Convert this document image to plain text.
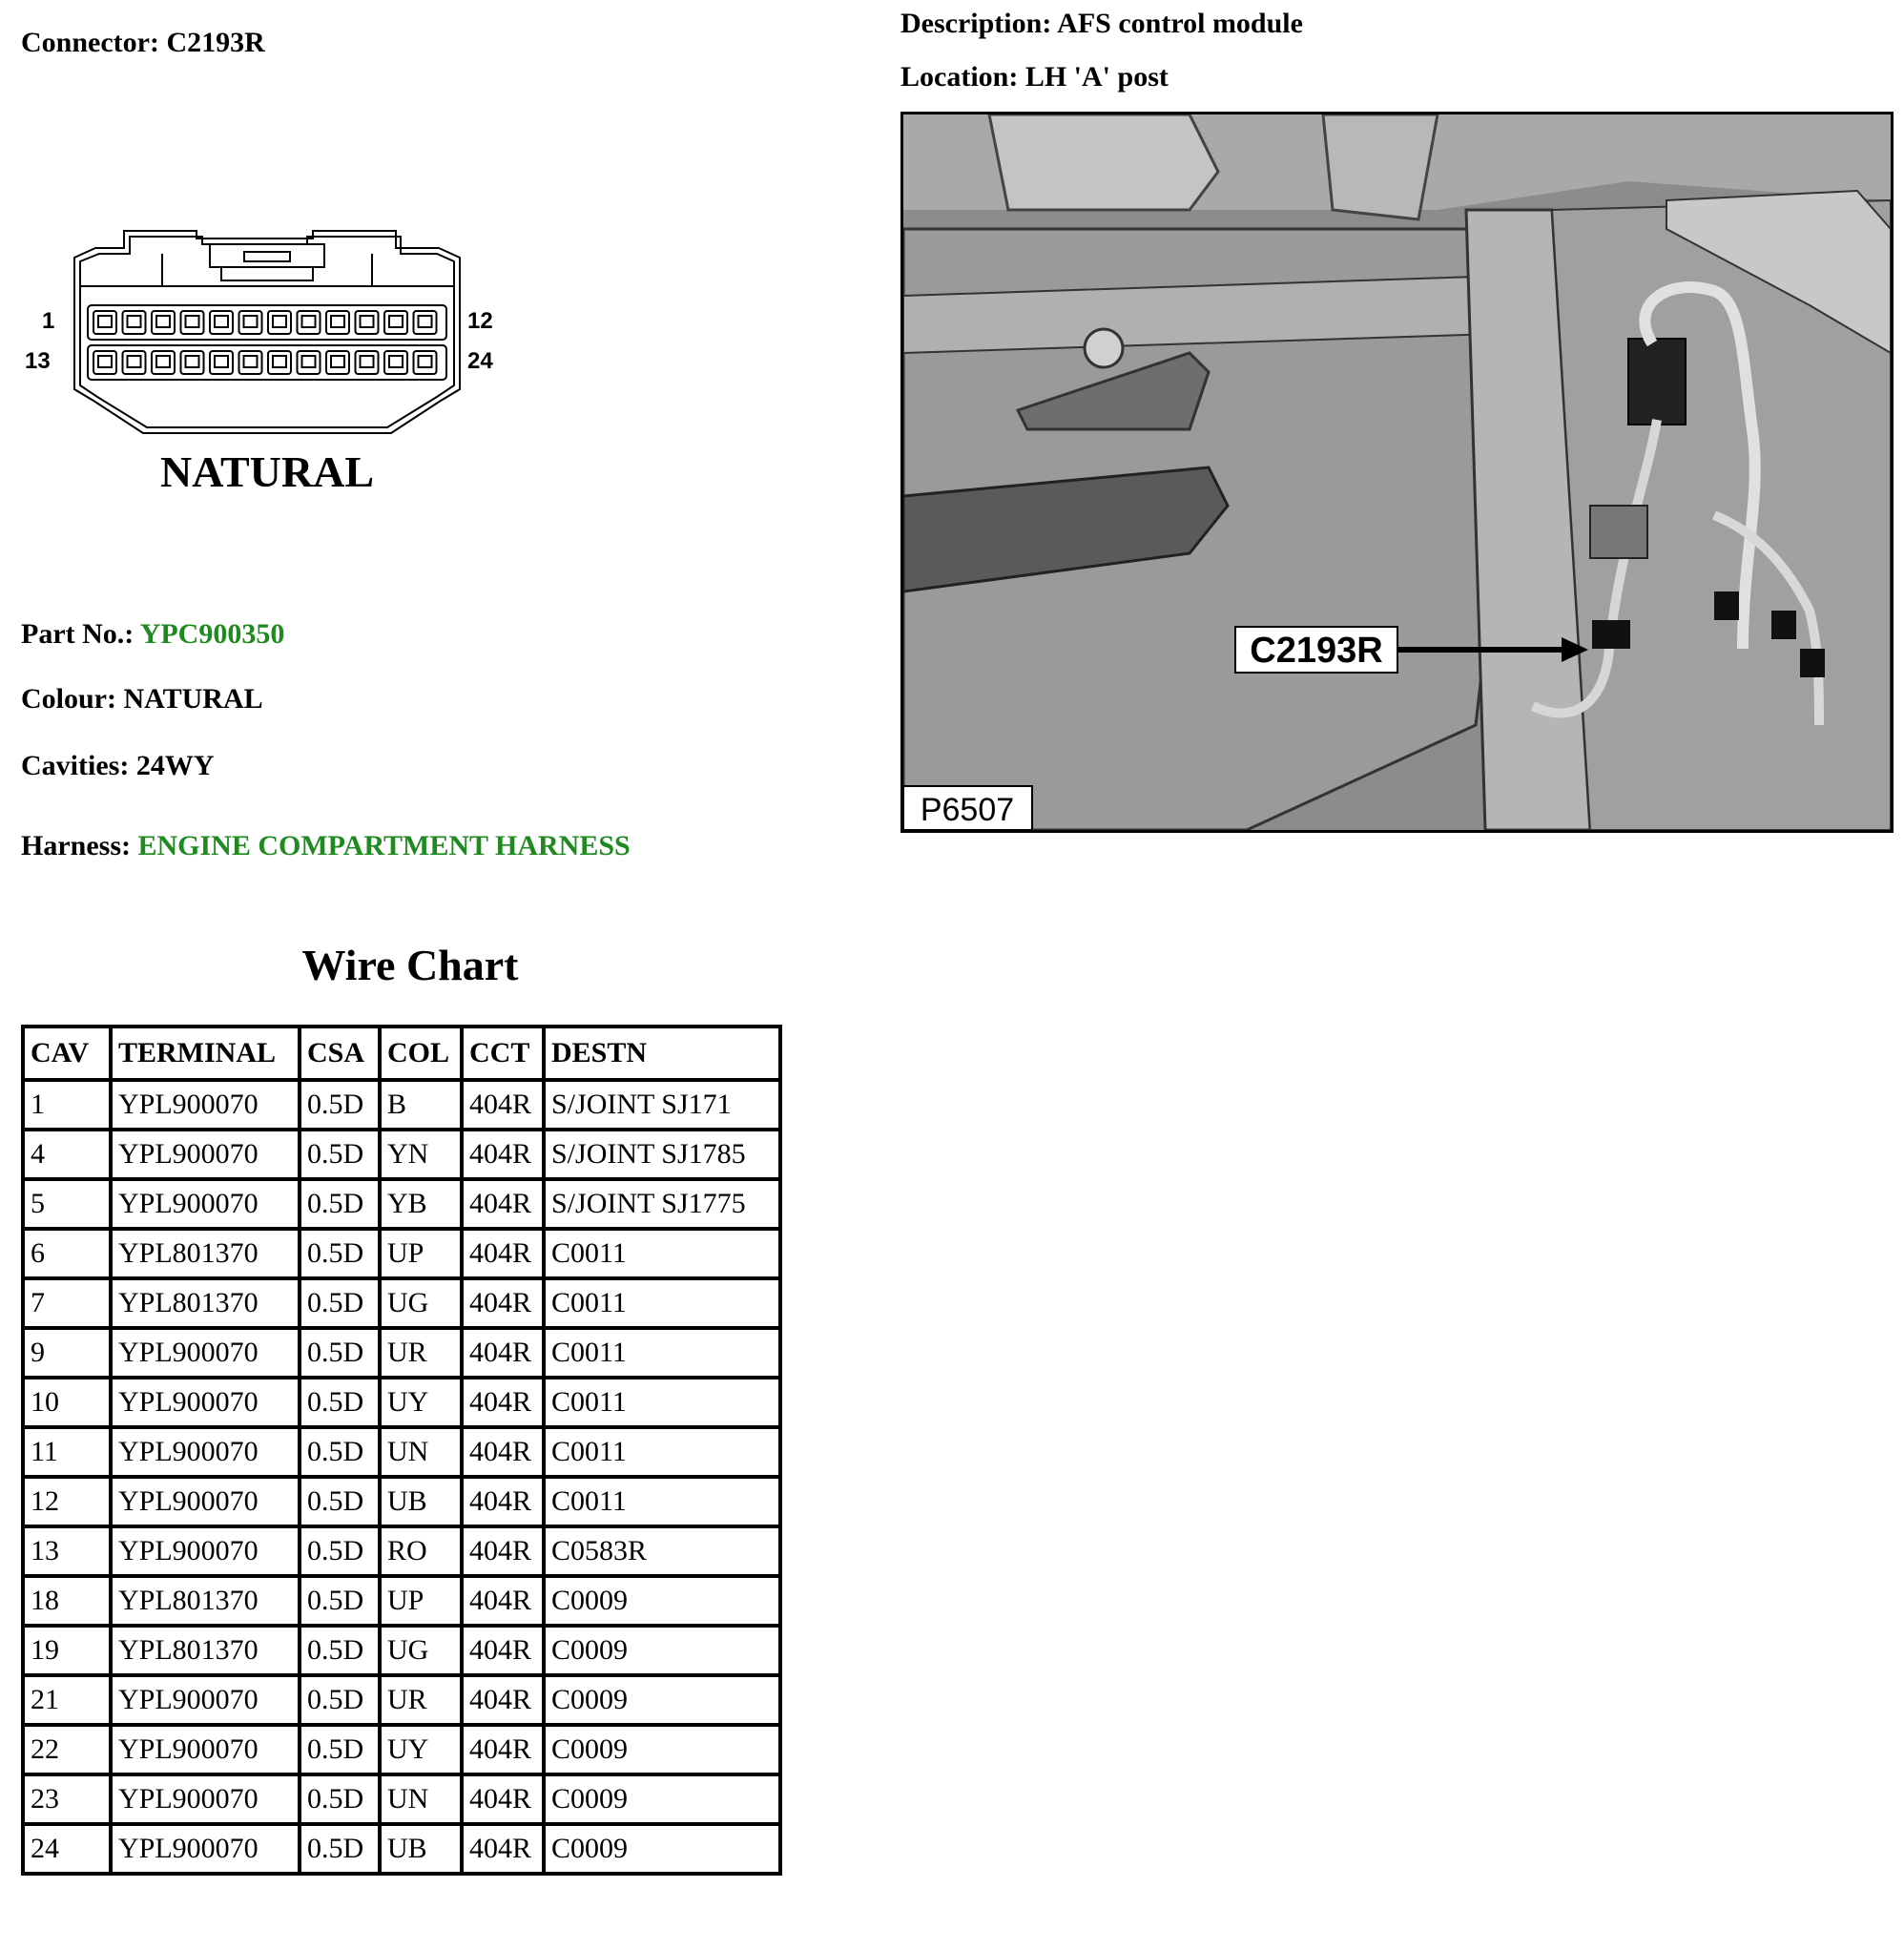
Connector: C2193R
Description: AFS control module
Location: LH 'A' post
1	12
13	24
NATURAL
C2193R
P6507
Part No.: YPC900350
Colour: NATURAL
Cavities: 24WY
Harness: ENGINE COMPARTMENT HARNESS
Wire Chart
CAV	TERMINAL	CSA	COL	CCT	DESTN
1	YPL900070	0.5D	B	404R	S/JOINT SJ171
4	YPL900070	0.5D	YN	404R	S/JOINT SJ1785
5	YPL900070	0.5D	YB	404R	S/JOINT SJ1775
6	YPL801370	0.5D	UP	404R	C0011
7	YPL801370	0.5D	UG	404R	C0011
9	YPL900070	0.5D	UR	404R	C0011
10	YPL900070	0.5D	UY	404R	C0011
11	YPL900070	0.5D	UN	404R	C0011
12	YPL900070	0.5D	UB	404R	C0011
13	YPL900070	0.5D	RO	404R	C0583R
18	YPL801370	0.5D	UP	404R	C0009
19	YPL801370	0.5D	UG	404R	C0009
21	YPL900070	0.5D	UR	404R	C0009
22	YPL900070	0.5D	UY	404R	C0009
23	YPL900070	0.5D	UN	404R	C0009
24	YPL900070	0.5D	UB	404R	C0009
